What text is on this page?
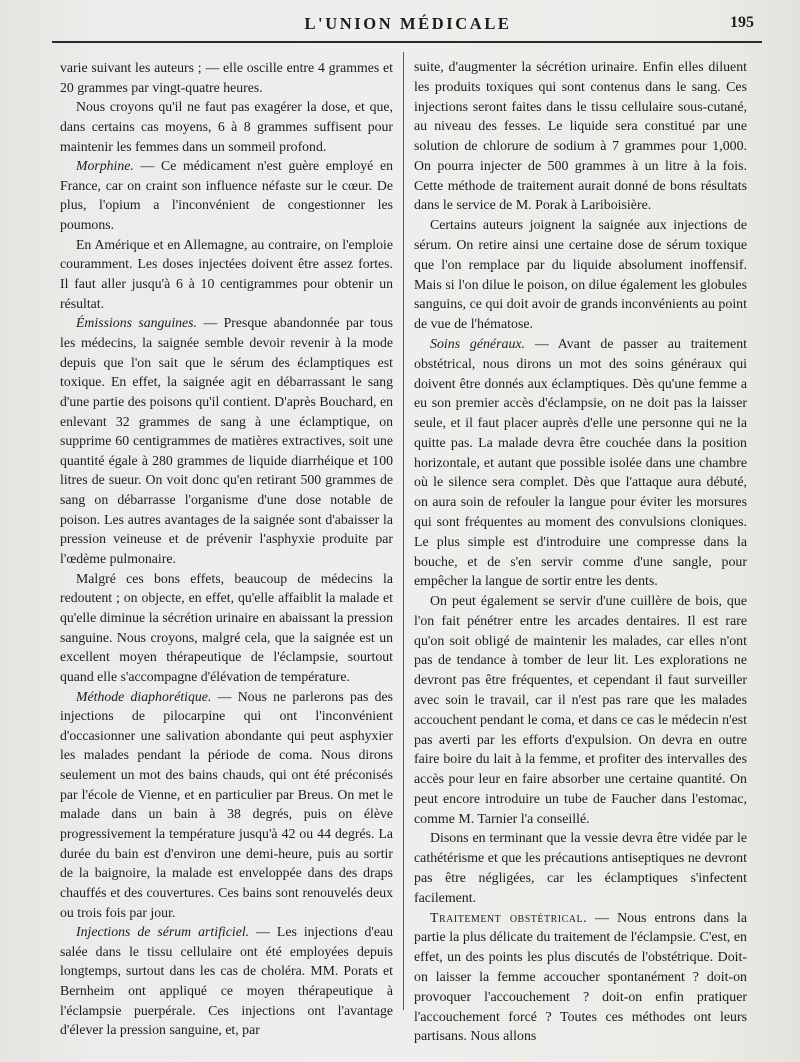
L'UNION MÉDICALE	195

varie suivant les auteurs ; — elle oscille entre 4 grammes et 20 grammes par vingt-quatre heures.

Nous croyons qu'il ne faut pas exagérer la dose, et que, dans certains cas moyens, 6 à 8 grammes suffisent pour maintenir les femmes dans un sommeil profond.

Morphine. — Ce médicament n'est guère employé en France, car on craint son influence néfaste sur le cœur. De plus, l'opium a l'inconvénient de congestionner les poumons.

En Amérique et en Allemagne, au contraire, on l'emploie couramment. Les doses injectées doivent être assez fortes. Il faut aller jusqu'à 6 à 10 centigrammes pour obtenir un résultat.

Émissions sanguines. — Presque abandonnée par tous les médecins, la saignée semble devoir revenir à la mode depuis que l'on sait que le sérum des éclamptiques est toxique. En effet, la saignée agit en débarrassant le sang d'une partie des poisons qu'il contient. D'après Bouchard, en enlevant 32 grammes de sang à une éclamptique, on supprime 60 centigrammes de matières extractives, soit une quantité égale à 280 grammes de liquide diarrhéique et 100 litres de sueur. On voit donc qu'en retirant 500 grammes de sang on débarrasse l'organisme d'une dose notable de poison. Les autres avantages de la saignée sont d'abaisser la pression veineuse et de prévenir l'asphyxie produite par l'œdème pulmonaire.

Malgré ces bons effets, beaucoup de médecins la redoutent ; on objecte, en effet, qu'elle affaiblit la malade et qu'elle diminue la sécrétion urinaire en abaissant la pression sanguine. Nous croyons, malgré cela, que la saignée est un excellent moyen thérapeutique de l'éclampsie, sourtout quand elle s'accompagne d'élévation de température.

Méthode diaphorétique. — Nous ne parlerons pas des injections de pilocarpine qui ont l'inconvénient d'occasionner une salivation abondante qui peut asphyxier les malades pendant la période de coma. Nous dirons seulement un mot des bains chauds, qui ont été préconisés par l'école de Vienne, et en particulier par Breus. On met le malade dans un bain à 38 degrés, puis on élève progressivement la température jusqu'à 42 ou 44 degrés. La durée du bain est d'environ une demi-heure, puis au sortir de la baignoire, la malade est enveloppée dans des draps chauffés et des couvertures. Ces bains sont renouvelés deux ou trois fois par jour.

Injections de sérum artificiel. — Les injections d'eau salée dans le tissu cellulaire ont été employées depuis longtemps, surtout dans les cas de choléra. MM. Porats et Bernheim ont appliqué ce moyen thérapeutique à l'éclampsie puerpérale. Ces injections ont l'avantage d'élever la pression sanguine, et, par

suite, d'augmenter la sécrétion urinaire. Enfin elles diluent les produits toxiques qui sont contenus dans le sang. Ces injections seront faites dans le tissu cellulaire sous-cutané, au niveau des fesses. Le liquide sera constitué par une solution de chlorure de sodium à 7 grammes pour 1,000. On pourra injecter de 500 grammes à un litre à la fois. Cette méthode de traitement aurait donné de bons résultats dans le service de M. Porak à Lariboisière.

Certains auteurs joignent la saignée aux injections de sérum. On retire ainsi une certaine dose de sérum toxique que l'on remplace par du liquide absolument inoffensif. Mais si l'on dilue le poison, on dilue également les globules sanguins, ce qui doit avoir de grands inconvénients au point de vue de l'hématose.

Soins généraux. — Avant de passer au traitement obstétrical, nous dirons un mot des soins généraux qui doivent être donnés aux éclamptiques. Dès qu'une femme a eu son premier accès d'éclampsie, on ne doit pas la laisser seule, et il faut placer auprès d'elle une personne qui ne la quitte pas. La malade devra être couchée dans la position horizontale, et autant que possible isolée dans une chambre où le silence sera complet. Dès que l'attaque aura débuté, on aura soin de refouler la langue pour éviter les morsures qui sont fréquentes au moment des convulsions cloniques. Le plus simple est d'introduire une compresse dans la bouche, et de s'en servir comme d'une sangle, pour empêcher la langue de sortir entre les dents.

On peut également se servir d'une cuillère de bois, que l'on fait pénétrer entre les arcades dentaires. Il est rare qu'on soit obligé de maintenir les malades, car elles n'ont pas de tendance à tomber de leur lit. Les explorations ne devront pas être fréquentes, et cependant il faut surveiller avec soin le travail, car il n'est pas rare que les malades accouchent pendant le coma, et dans ce cas le médecin n'est pas averti par les efforts d'expulsion. On devra en outre faire boire du lait à la femme, et profiter des intervalles des accès pour leur en faire absorber une certaine quantité. On peut encore introduire un tube de Faucher dans l'estomac, comme M. Tarnier l'a conseillé.

Disons en terminant que la vessie devra être vidée par le cathétérisme et que les précautions antiseptiques ne devront pas être négligées, car les éclamptiques s'infectent facilement.

Traitement obstétrical. — Nous entrons dans la partie la plus délicate du traitement de l'éclampsie. C'est, en effet, un des points les plus discutés de l'obstétrique. Doit-on laisser la femme accoucher spontanément ? doit-on provoquer l'accouchement ? doit-on enfin pratiquer l'accouchement forcé ? Toutes ces méthodes ont leurs partisans. Nous allons
